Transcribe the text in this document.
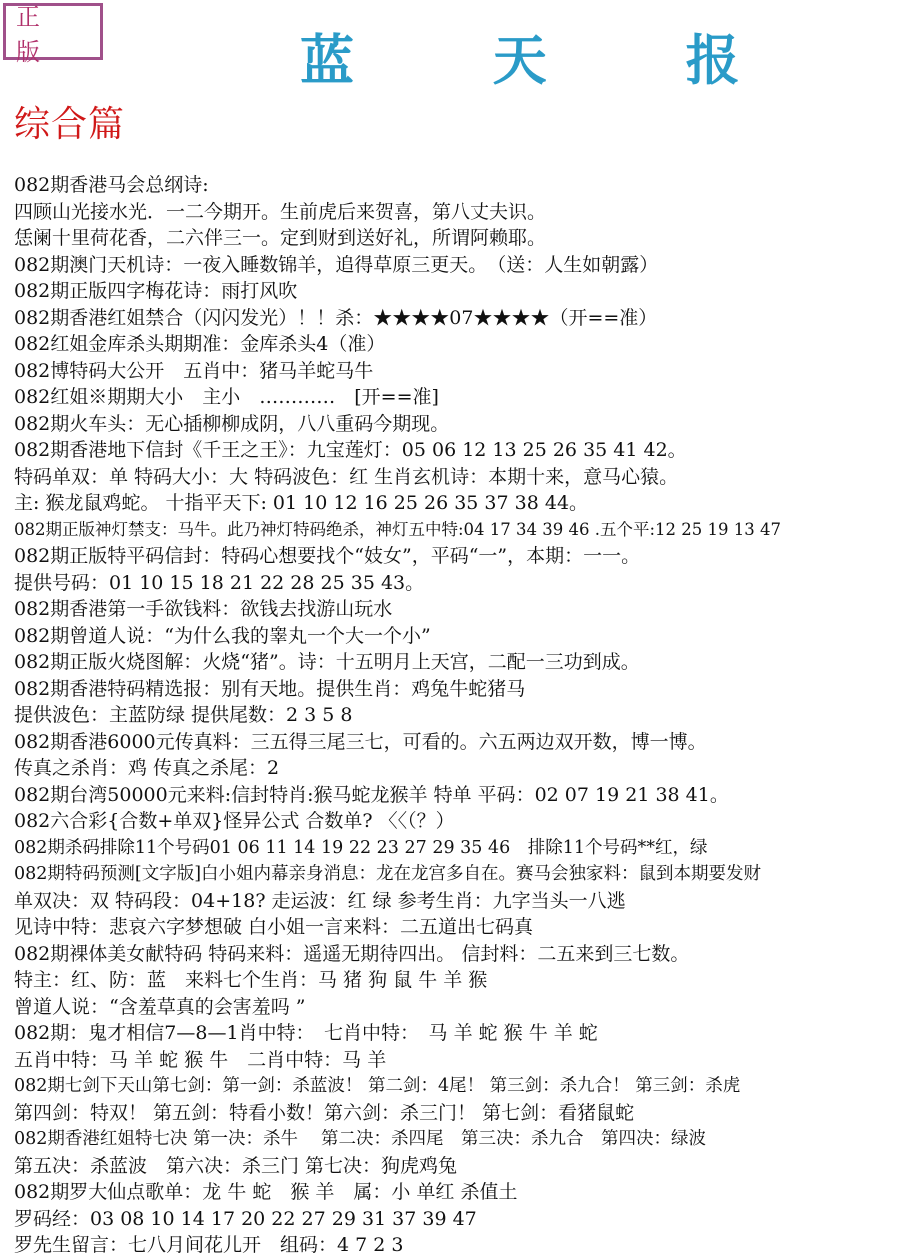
正 版	蓝 天 报
综合篇
082期香港马会总纲诗:
四顾山光接水光．一二今期开。生前虎后来贺喜，第八丈夫识。
恁阑十里荷花香，二六伴三一。定到财到送好礼，所谓阿赖耶。
082期澳门天机诗：一夜入睡数锦羊，追得草原三更天。　（送：人生如朝露）
082期正版四字梅花诗：雨打风吹
082期香港红姐禁合（闪闪发光）！！杀：★★★★07★★★★（开==准）
082红姐金库杀头期期准：金库杀头4（准）
082博特码大公开　五肖中：猪马羊蛇马牛
082红姐※期期大小　主小　…………　[开==准]
082期火车头：无心插柳柳成阴，八八重码今期现。
082期香港地下信封《千王之王》：九宝莲灯：05 06 12 13 25 26 35 41 42。
特码单双：单 特码大小：大 特码波色：红 生肖玄机诗：本期十来，意马心猿。
主: 猴龙鼠鸡蛇。 十指平天下: 01 10 12 16 25 26 35 37 38 44。
082期正版神灯禁支：马牛。此乃神灯特码绝杀，神灯五中特:04 17 34 39 46 .五个平:12 25 19 13 47
082期正版特平码信封：特码心想要找个“妓女”，平码“一”，本期：一一。
提供号码：01 10 15 18 21 22 28 25 35 43。
082期香港第一手欲钱料：欲钱去找游山玩水
082期曾道人说：“为什么我的睾丸一个大一个小”
082期正版火烧图解：火烧“猪”。诗：十五明月上天宫，二配一三功到成。
082期香港特码精选报：别有天地。提供生肖：鸡兔牛蛇猪马
提供波色：主蓝防绿 提供尾数：2 3 5 8
082期香港6000元传真料：三五得三尾三七，可看的。六五两边双开数，博一博。
传真之杀肖：鸡 传真之杀尾：2
082期台湾50000元来料:信封特肖:猴马蛇龙猴羊 特单 平码：02 07 19 21 38 41。
082六合彩{合数+单双}怪异公式 合数单? 〈〈（？）
082期杀码排除11个号码01 06 11 14 19 22 23 27 29 35 46　排除11个号码**红，绿
082期特码预测[文字版]白小姐内幕亲身消息：龙在龙宫多自在。赛马会独家料：鼠到本期要发财
单双决：双 特码段：04+18? 走运波：红 绿 参考生肖：九字当头一八逃
见诗中特：悲哀六字梦想破 白小姐一言来料：二五道出七码真
082期裸体美女献特码 特码来料：遥遥无期待四出。 信封料：二五来到三七数。
特主：红、防：蓝　来料七个生肖：马 猪 狗 鼠 牛 羊 猴
曾道人说：“含羞草真的会害羞吗 ”
082期：鬼才相信7—8—1肖中特：　七肖中特：　马 羊 蛇 猴 牛 羊 蛇
五肖中特：马 羊 蛇 猴 牛　二肖中特：马 羊
082期七剑下天山第七剑：第一剑：杀蓝波！ 第二剑：4尾！ 第三剑：杀九合！ 第三剑：杀虎
第四剑：特双！ 第五剑：特看小数！第六剑：杀三门！ 第七剑：看猪鼠蛇
082期香港红姐特七决 第一决：杀牛　 第二决：杀四尾　第三决：杀九合　第四决：绿波
第五决：杀蓝波　第六决：杀三门 第七决：狗虎鸡兔
082期罗大仙点歌单：龙 牛 蛇　猴 羊　属：小 单红 杀值土
罗码经：03 08 10 14 17 20 22 27 29 31 37 39 47
罗先生留言：七八月间花儿开　组码：4 7 2 3
